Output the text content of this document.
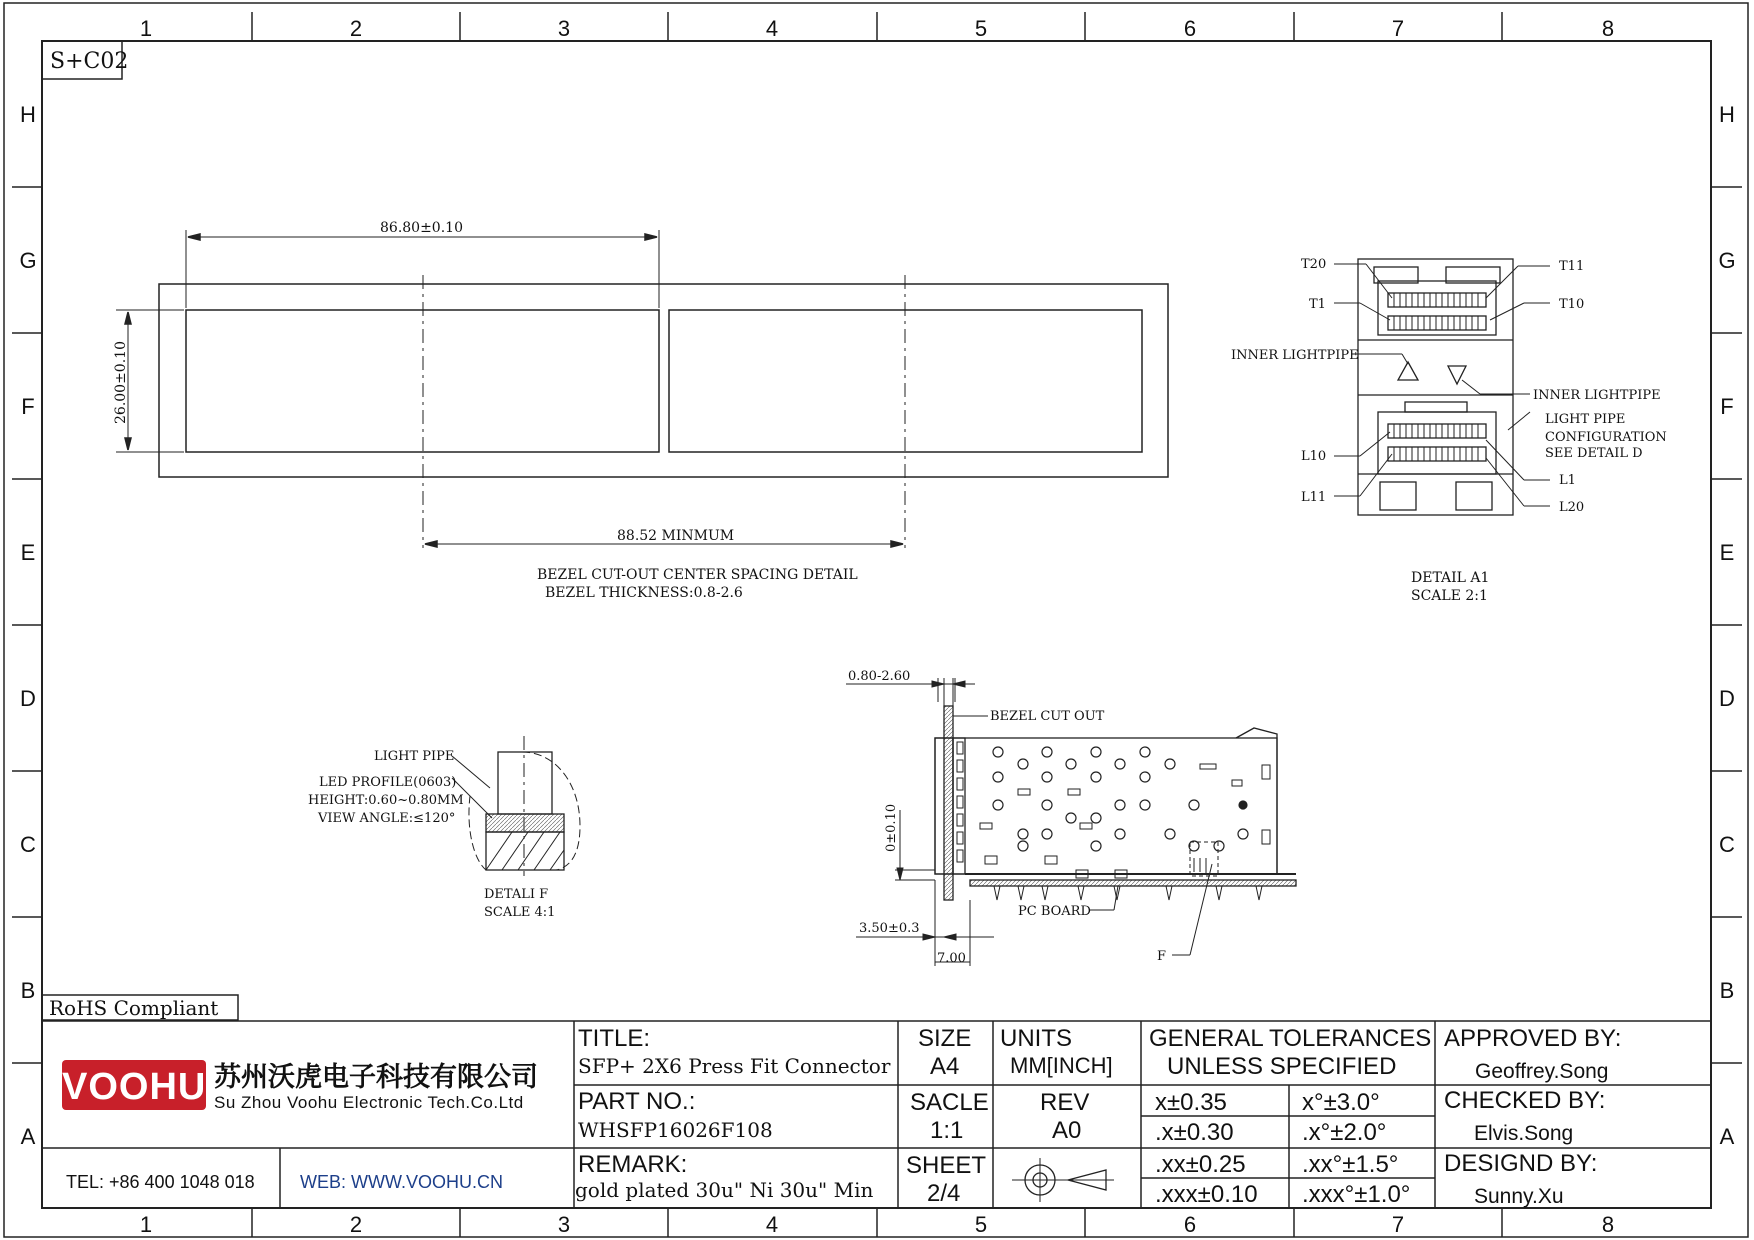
1	2	3	4	5	6	7	8
1	2	3	4	5	6	7	8
H
G
F
E
D
C
B
A
H
G
F
E
D
C
B
A
S+C02
86.80±0.10
26.00±0.10
88.52 MINMUM
BEZEL CUT-OUT CENTER SPACING DETAIL
BEZEL THICKNESS:0.8-2.6
T20
T1
T11
T10
INNER LIGHTPIPE
INNER LIGHTPIPE
LIGHT PIPE
CONFIGURATION
SEE DETAIL D
L10
L1
L11
L20
DETAIL A1
SCALE 2:1
LIGHT PIPE
LED PROFILE(0603)
HEIGHT:0.60~0.80MM
VIEW ANGLE:≤120°
DETALI F
SCALE 4:1
0.80-2.60
BEZEL CUT OUT
0±0.10
3.50±0.3
7.00
PC BOARD
F
RoHS Compliant
VOOHU 苏州沃虎电子科技有限公司
Su Zhou Voohu Electronic Tech.Co.Ltd
TEL: +86 400 1048 018	WEB: WWW.VOOHU.CN
TITLE:
SFP+ 2X6 Press Fit Connector
PART NO.:
WHSFP16026F108
REMARK:
gold plated 30u" Ni 30u" Min
SIZE
A4
UNITS
MM[INCH]
SACLE
1:1
REV
A0
SHEET
2/4
GENERAL TOLERANCES
UNLESS SPECIFIED
x±0.35	x°±3.0°
.x±0.30	.x°±2.0°
.xx±0.25 .xx°±1.5°
.xxx±0.10 .xxx°±1.0°
APPROVED BY:
Geoffrey.Song
CHECKED BY:
Elvis.Song
DESIGND BY:
Sunny.Xu
